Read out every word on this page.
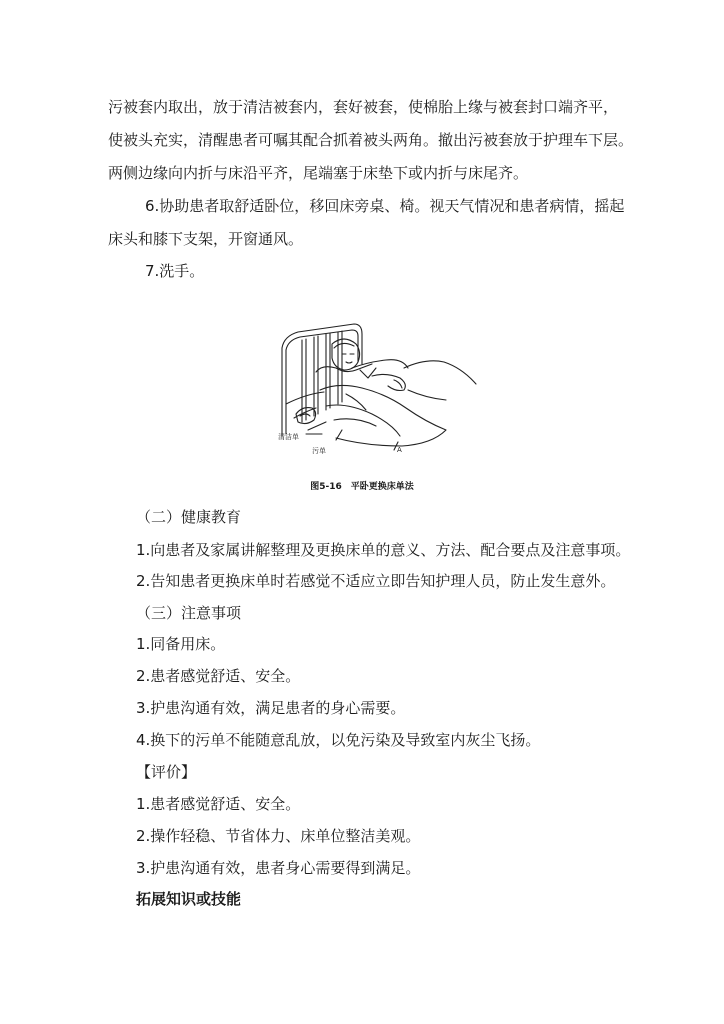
污被套内取出，放于清洁被套内，套好被套，使棉胎上缘与被套封口端齐平，
使被头充实，清醒患者可嘱其配合抓着被头两角。撤出污被套放于护理车下层。
两侧边缘向内折与床沿平齐，尾端塞于床垫下或内折与床尾齐。
6.协助患者取舒适卧位，移回床旁桌、椅。视天气情况和患者病情，摇起
床头和膝下支架，开窗通风。
7.洗手。
清洁单
污单	A
图5-16　平卧更换床单法
（二）健康教育
1.向患者及家属讲解整理及更换床单的意义、方法、配合要点及注意事项。
2.告知患者更换床单时若感觉不适应立即告知护理人员，防止发生意外。
（三）注意事项
1.同备用床。
2.患者感觉舒适、安全。
3.护患沟通有效，满足患者的身心需要。
4.换下的污单不能随意乱放，以免污染及导致室内灰尘飞扬。
【评价】
1.患者感觉舒适、安全。
2.操作轻稳、节省体力、床单位整洁美观。
3.护患沟通有效，患者身心需要得到满足。
拓展知识或技能
